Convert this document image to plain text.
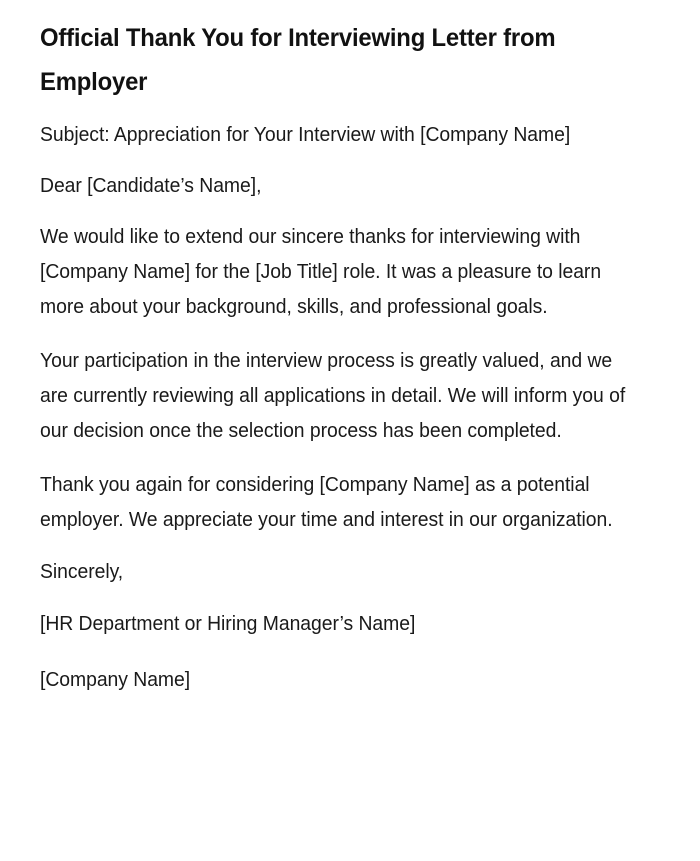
Official Thank You for Interviewing Letter from Employer

Subject: Appreciation for Your Interview with [Company Name]

Dear [Candidate’s Name],

We would like to extend our sincere thanks for interviewing with [Company Name] for the [Job Title] role. It was a pleasure to learn more about your background, skills, and professional goals.

Your participation in the interview process is greatly valued, and we are currently reviewing all applications in detail. We will inform you of our decision once the selection process has been completed.

Thank you again for considering [Company Name] as a potential employer. We appreciate your time and interest in our organization.

Sincerely,

[HR Department or Hiring Manager’s Name]

[Company Name]
